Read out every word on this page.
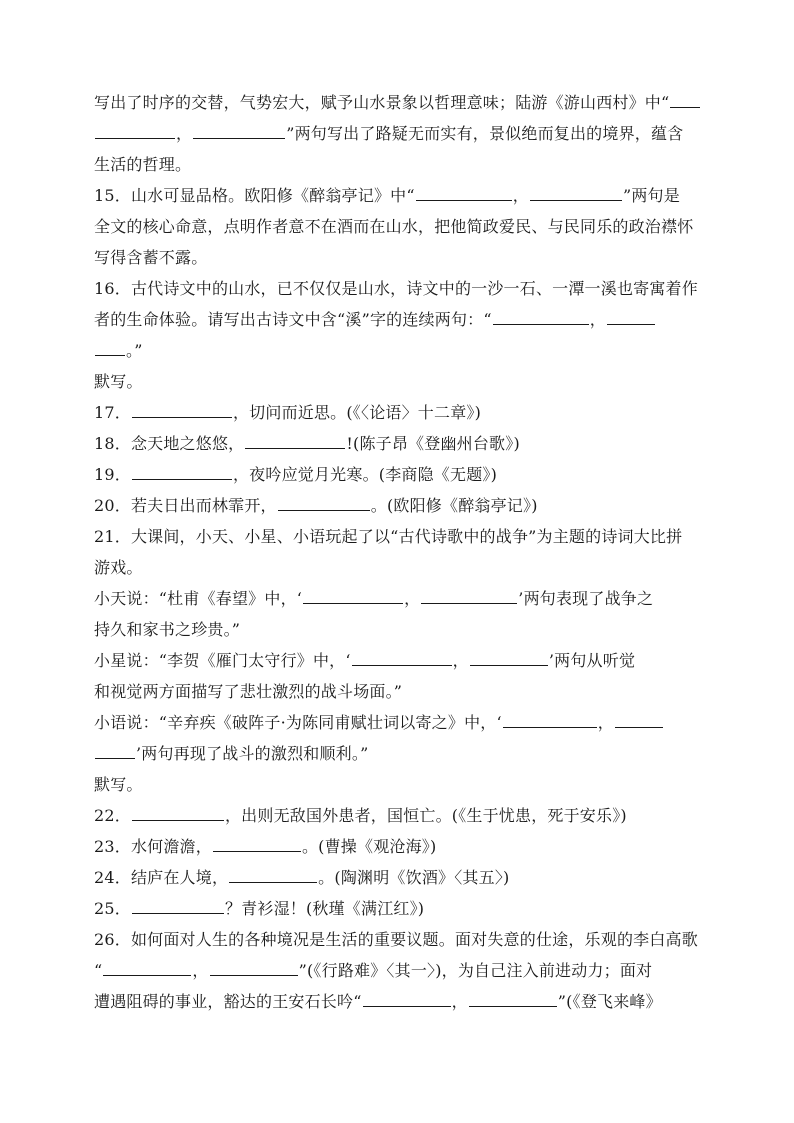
写出了时序的交替，气势宏大，赋予山水景象以哲理意味；陆游《游山西村》中“
，	”两句写出了路疑无而实有，景似绝而复出的境界，蕴含
生活的哲理。
15．山水可显品格。欧阳修《醉翁亭记》中“	，	”两句是
全文的核心命意，点明作者意不在酒而在山水，把他简政爱民、与民同乐的政治襟怀
写得含蓄不露。
16．古代诗文中的山水，已不仅仅是山水，诗文中的一沙一石、一潭一溪也寄寓着作
者的生命体验。请写出古诗文中含“溪”字的连续两句：“	，
。”
默写。
17．	，切问而近思。(《〈论语〉十二章》)
18．念天地之悠悠，	!(陈子昂《登幽州台歌》)
19．	，夜吟应觉月光寒。(李商隐《无题》)
20．若夫日出而林霏开，	。(欧阳修《醉翁亭记》)
21．大课间，小天、小星、小语玩起了以“古代诗歌中的战争”为主题的诗词大比拼
游戏。
小天说：“杜甫《春望》中，‘	，	’两句表现了战争之
持久和家书之珍贵。”
小星说：“李贺《雁门太守行》中，‘	，	’两句从听觉
和视觉两方面描写了悲壮激烈的战斗场面。”
小语说：“辛弃疾《破阵子·为陈同甫赋壮词以寄之》中，‘	，
’两句再现了战斗的激烈和顺利。”
默写。
22．	，出则无敌国外患者，国恒亡。(《生于忧患，死于安乐》)
23．水何澹澹，	。(曹操《观沧海》)
24．结庐在人境，	。(陶渊明《饮酒》〈其五〉)
25．	？青衫湿！(秋瑾《满江红》)
26．如何面对人生的各种境况是生活的重要议题。面对失意的仕途，乐观的李白高歌
“	，	”(《行路难》〈其一〉)，为自己注入前进动力；面对
遭遇阻碍的事业，豁达的王安石长吟“	，	”(《登飞来峰》
